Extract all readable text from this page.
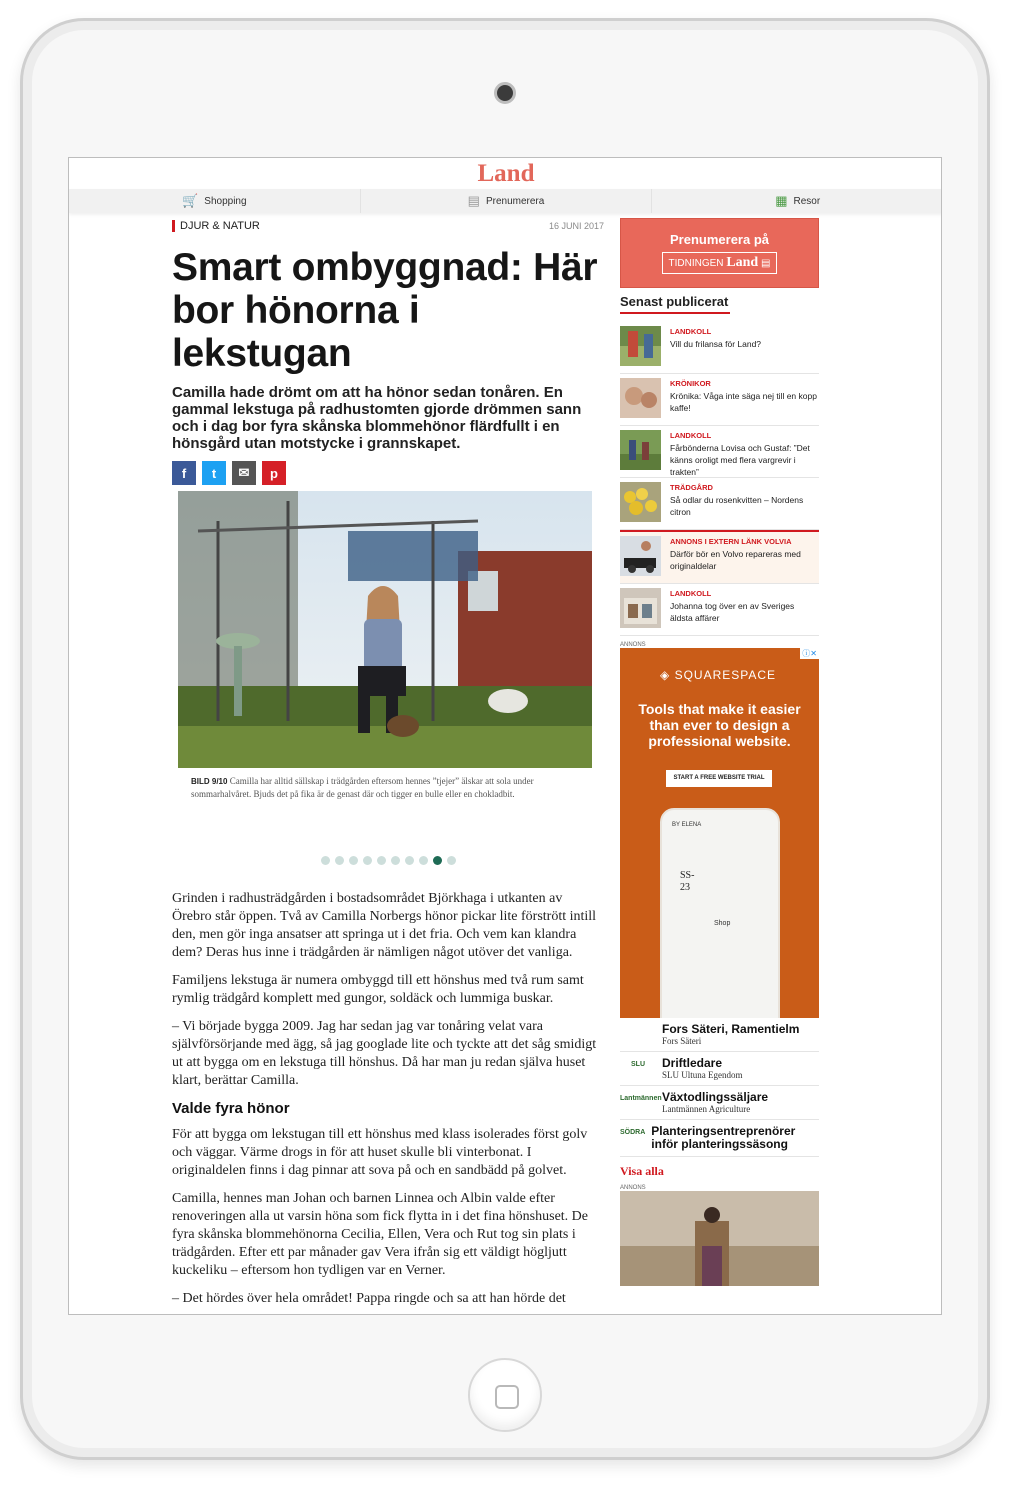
Land
🛒 Shopping	▤ Prenumerera	▦ Resor
DJUR & NATUR	16 JUNI 2017
Smart ombyggnad: Här bor hönorna i lekstugan

Camilla hade drömt om att ha hönor sedan tonåren. En gammal lekstuga på radhustomten gjorde drömmen sann och i dag bor fyra skånska blommehönor flärdfullt i en hönsgård utan motstycke i grannskapet.

f	t	✉	p

BILD 9/10 Camilla har alltid sällskap i trädgården eftersom hennes ”tjejer” älskar att sola under sommarhalvåret. Bjuds det på fika är de genast där och tigger en bulle eller en chokladbit.

Grinden i radhusträdgården i bostadsområdet Björkhaga i utkanten av Örebro står öppen. Två av Camilla Norbergs hönor pickar lite förstrött intill den, men gör inga ansatser att springa ut i det fria. Och vem kan klandra dem? Deras hus inne i trädgården är nämligen något utöver det vanliga.

Familjens lekstuga är numera ombyggd till ett hönshus med två rum samt rymlig trädgård komplett med gungor, soldäck och lummiga buskar.

– Vi började bygga 2009. Jag har sedan jag var tonåring velat vara självförsörjande med ägg, så jag googlade lite och tyckte att det såg smidigt ut att bygga om en lekstuga till hönshus. Då har man ju redan själva huset klart, berättar Camilla.

Valde fyra hönor

För att bygga om lekstugan till ett hönshus med klass isolerades först golv och väggar. Värme drogs in för att huset skulle bli vinterbonat. I originaldelen finns i dag pinnar att sova på och en sandbädd på golvet.

Camilla, hennes man Johan och barnen Linnea och Albin valde efter renoveringen alla ut varsin höna som fick flytta in i det fina hönshuset. De fyra skånska blommehönorna Cecilia, Ellen, Vera och Rut tog sin plats i trädgården. Efter ett par månader gav Vera ifrån sig ett väldigt högljutt kuckeliku – eftersom hon tydligen var en Verner.

– Det hördes över hela området! Pappa ringde och sa att han hörde det

Prenumerera på
TIDNINGEN Land ▤
Senast publicerat
LANDKOLL
Vill du frilansa för Land?
KRÖNIKOR
Krönika: Våga inte säga nej till en kopp kaffe!
LANDKOLL
Fårbönderna Lovisa och Gustaf: ”Det känns oroligt med flera vargrevir i trakten”
TRÄDGÅRD
Så odlar du rosenkvitten – Nordens citron
ANNONS I EXTERN LÄNK VOLVIA
Därför bör en Volvo repareras med originaldelar
LANDKOLL
Johanna tog över en av Sveriges äldsta affärer
ANNONS
ⓘ✕
◈ SQUARESPACE
Tools that make it easier than ever to design a professional website.
START A FREE WEBSITE TRIAL
BY ELENA
SS-
23
Shop
Fors Säteri, Ramentielm
Fors Säteri
SLU	Driftledare
SLU Ultuna Egendom
Lantmännen Växtodlingssäljare
Lantmännen Agriculture
SÖDRA Planteringsentreprenörer inför planteringssäsong
Visa alla
ANNONS
